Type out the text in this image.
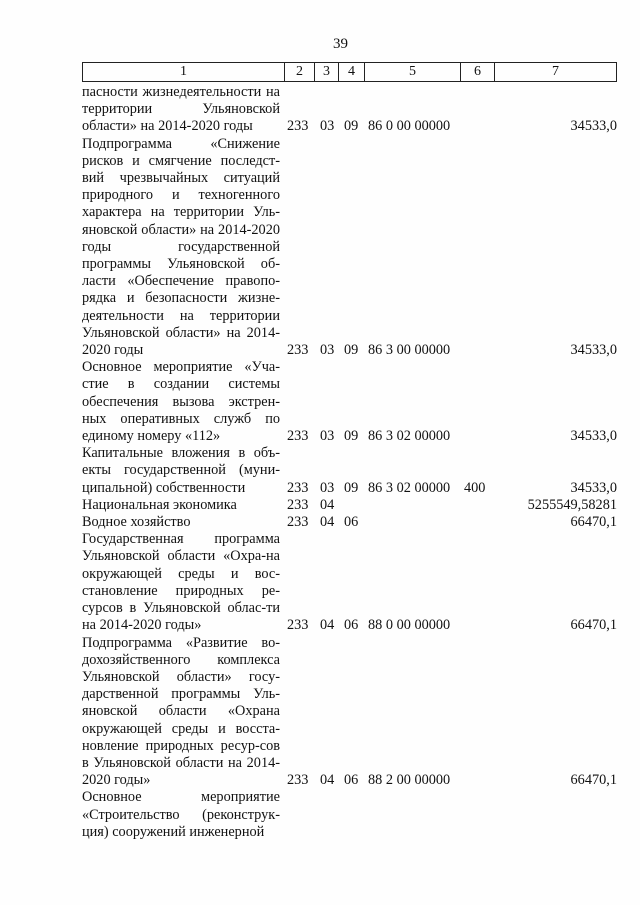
39
1	2	3	4	5	6	7
пасности жизнедеятельности на территории Ульяновской области» на 2014-2020 годы	233 03 09 86 0 00 00000	34533,0
Подпрограмма «Снижение рисков и смягчение последст-вий чрезвычайных ситуаций природного и техногенного характера на территории Уль-яновской области» на 2014-2020 годы государственной программы Ульяновской об-ласти «Обеспечение правопо-рядка и безопасности жизне-деятельности на территории Ульяновской области» на 2014-2020 годы	233 03 09 86 3 00 00000	34533,0
Основное мероприятие «Уча-стие в создании системы обеспечения вызова экстрен-ных оперативных служб по единому номеру «112»	233 03 09 86 3 02 00000	34533,0
Капитальные вложения в объ-екты государственной (муни-ципальной) собственности	233 03 09 86 3 02 00000 400	34533,0
Национальная экономика	233 04	5255549,58281
Водное хозяйство	233 04 06	66470,1
Государственная программа Ульяновской области «Охра-на окружающей среды и вос-становление природных ре-сурсов в Ульяновской облас-ти на 2014-2020 годы»	233 04 06 88 0 00 00000	66470,1
Подпрограмма «Развитие во-дохозяйственного комплекса Ульяновской области» госу-дарственной программы Уль-яновской области «Охрана окружающей среды и восста-новление природных ресур-сов в Ульяновской области на 2014-2020 годы»	233 04 06 88 2 00 00000	66470,1
Основное мероприятие «Строительство (реконструк-ция) сооружений инженерной
